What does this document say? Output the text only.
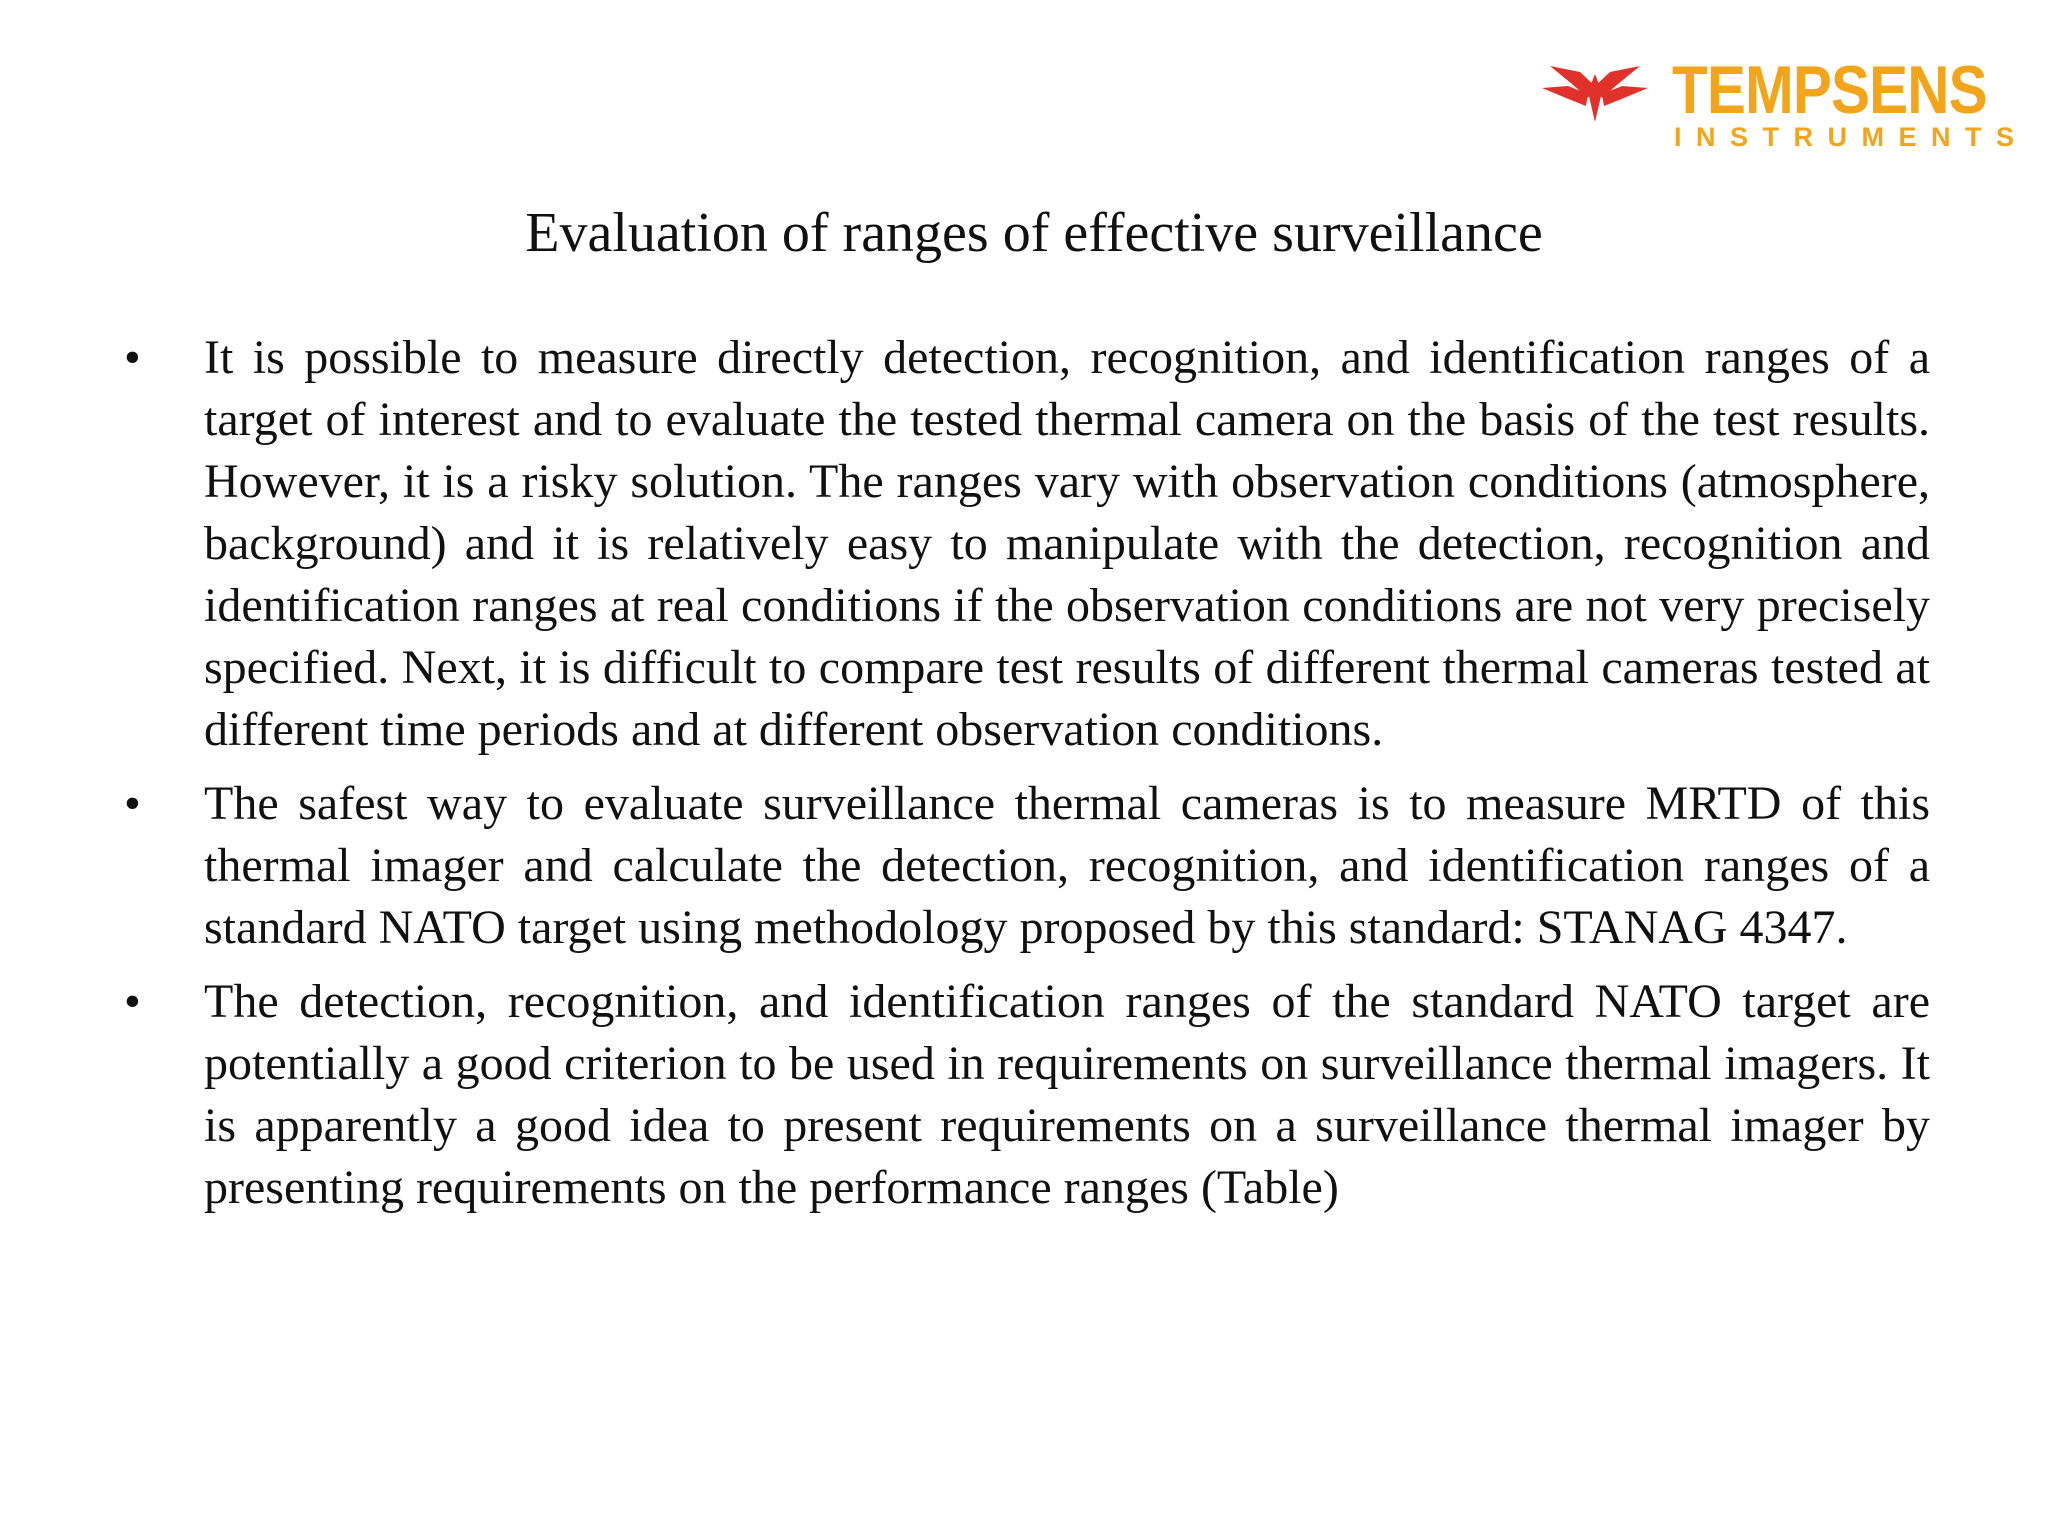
TEMPSENS
INSTRUMENTS
Evaluation of ranges of effective surveillance
• It is possible to measure directly detection, recognition, and identification ranges of a target of interest and to evaluate the tested thermal camera on the basis of the test results. However, it is a risky solution. The ranges vary with observation conditions (atmosphere, background) and it is relatively easy to manipulate with the detection, recognition and identification ranges at real conditions if the observation conditions are not very precisely specified. Next, it is difficult to compare test results of different thermal cameras tested at different time periods and at different observation conditions.
• The safest way to evaluate surveillance thermal cameras is to measure MRTD of this thermal imager and calculate the detection, recognition, and identification ranges of a standard NATO target using methodology proposed by this standard: STANAG 4347.
• The detection, recognition, and identification ranges of the standard NATO target are potentially a good criterion to be used in requirements on surveillance thermal imagers. It is apparently a good idea to present requirements on a surveillance thermal imager by presenting requirements on the performance ranges (Table)
